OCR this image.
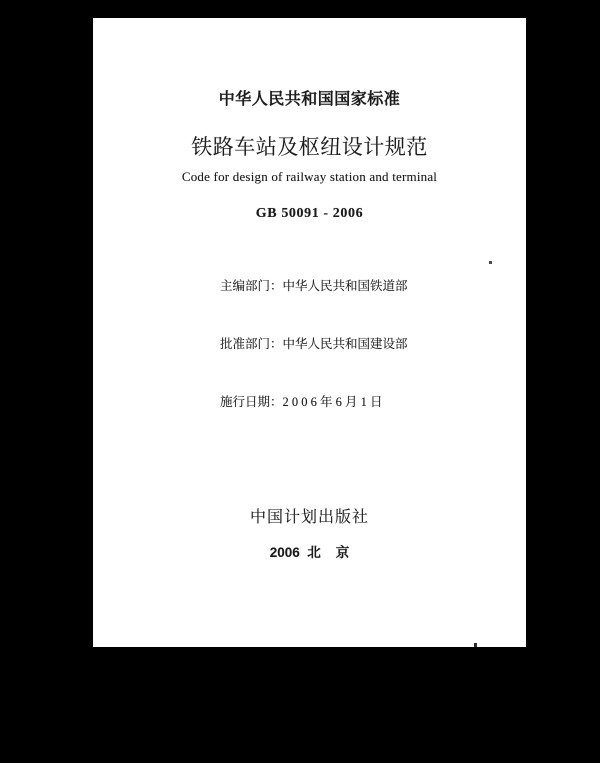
中华人民共和国国家标准
铁路车站及枢纽设计规范
Code for design of railway station and terminal
GB 50091 - 2006

主编部门：中华人民共和国铁道部

批准部门：中华人民共和国建设部

施行日期：2 0 0 6 年 6 月 1 日

中国计划出版社
2006  北    京
